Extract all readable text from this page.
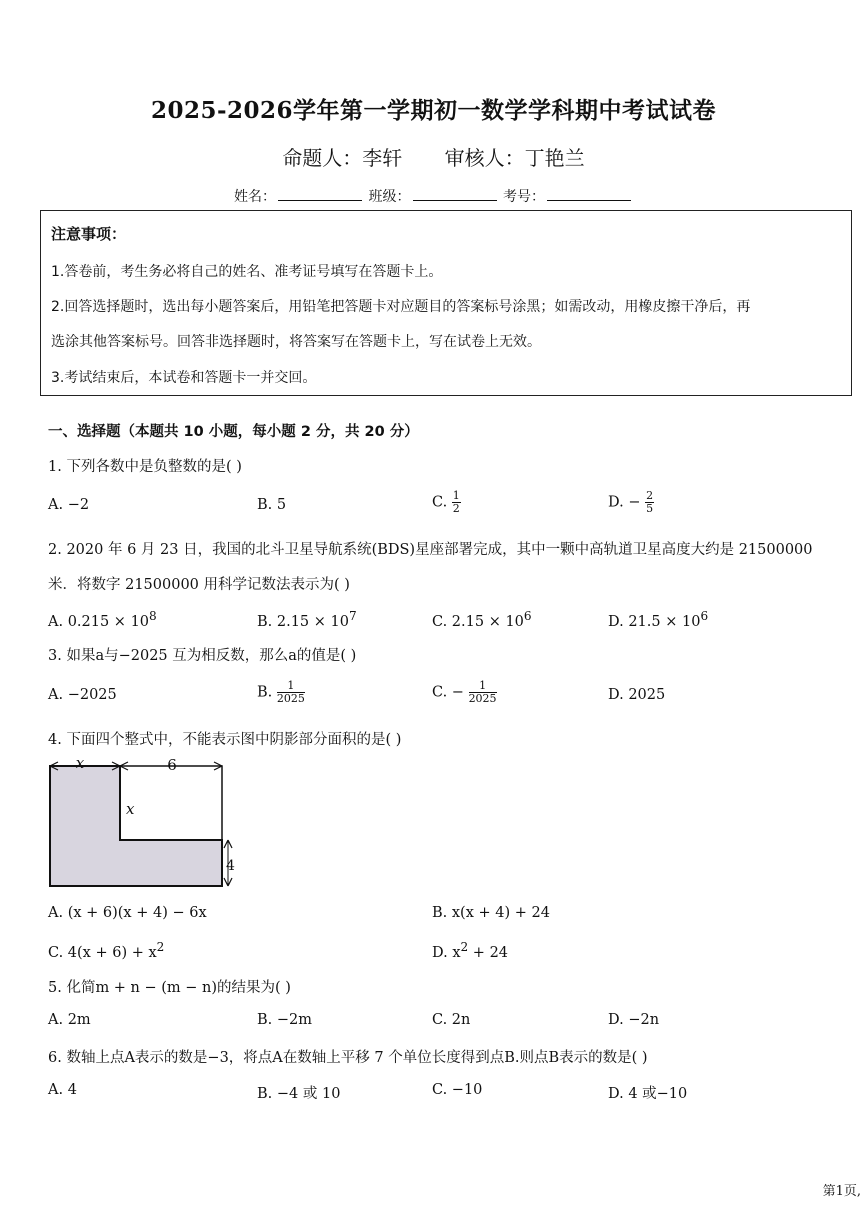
2025-2026学年第一学期初一数学学科期中考试试卷
命题人：李轩 审核人：丁艳兰
姓名：	班级：	考号：
注意事项：
1.答卷前，考生务必将自己的姓名、准考证号填写在答题卡上。
2.回答选择题时，选出每小题答案后，用铅笔把答题卡对应题目的答案标号涂黑；如需改动，用橡皮擦干净后，再
选涂其他答案标号。回答非选择题时，将答案写在答题卡上，写在试卷上无效。
3.考试结束后，本试卷和答题卡一并交回。
一、选择题（本题共 10 小题，每小题 2 分，共 20 分）
1. 下列各数中是负整数的是( )
A. −2	B. 5	C. $\frac{1}{2}$	D. − $\frac{2}{5}$
2. 2020 年 6 月 23 日，我国的北斗卫星导航系统(BDS)星座部署完成，其中一颗中高轨道卫星高度大约是 21500000
米．将数字 21500000 用科学记数法表示为( )
A. $0.215 \times 10^8$	B. $2.15 \times 10^7$	C. $2.15 \times 10^6$	D. $21.5 \times 10^6$
3. 如果a与−2025 互为相反数，那么a的值是( )
A. −2025	B. $\frac{1}{2025}$	C. − $\frac{1}{2025}$	D. 2025
4. 下面四个整式中，不能表示图中阴影部分面积的是( )
x	6
x
4
A. (x + 6)(x + 4) − 6x	B. x(x + 4) + 24
C. $4(x + 6) + x^2$	D. $x^2 + 24$
5. 化简m + n − (m − n)的结果为( )
A. 2m	B. −2m	C. 2n	D. −2n
6. 数轴上点A表示的数是−3，将点A在数轴上平移 7 个单位长度得到点B.则点B表示的数是( )
A. 4	B. −4 或 10	C. −10	D. 4 或−10
第1页,
